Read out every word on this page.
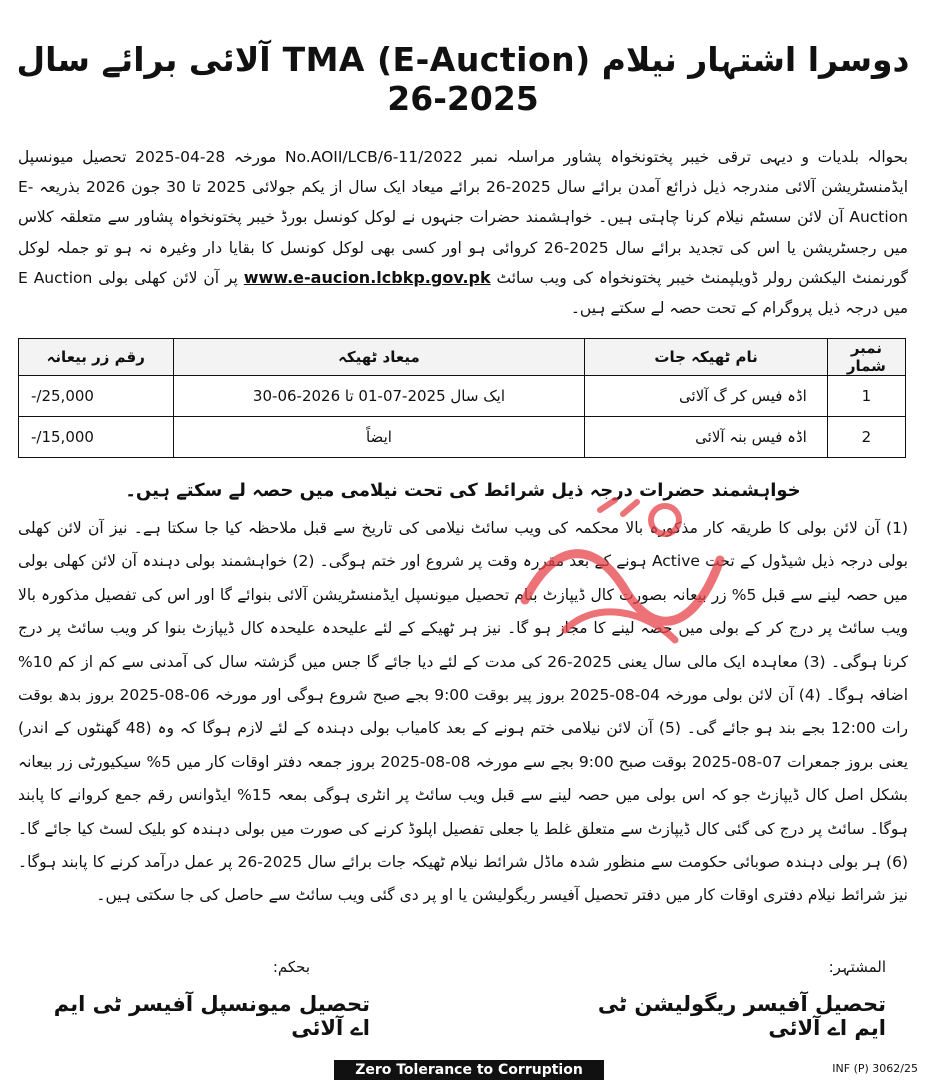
دوسرا اشتہار نیلام (TMA (E-Auction آلائی برائے سال 2025-26
بحوالہ بلدیات و دیہی ترقی خیبر پختونخواہ پشاور مراسلہ نمبر No.AOII/LCB/6-11/2022 مورخہ 28-04-2025 تحصیل میونسپل ایڈمنسٹریشن آلائی مندرجہ ذیل ذرائع آمدن برائے سال 2025-26 برائے میعاد ایک سال از یکم جولائی 2025 تا 30 جون 2026 بذریعہ E-Auction آن لائن سسٹم نیلام کرنا چاہتی ہیں۔ خواہشمند حضرات جنہوں نے لوکل کونسل بورڈ خیبر پختونخواہ پشاور سے متعلقہ کلاس میں رجسٹریشن یا اس کی تجدید برائے سال 2025-26 کروائی ہو اور کسی بھی لوکل کونسل کا بقایا دار وغیرہ نہ ہو تو جملہ لوکل گورنمنٹ الیکشن رولر ڈویلپمنٹ خیبر پختونخواہ کی ویب سائٹ www.e-aucion.lcbkp.gov.pk پر آن لائن کھلی بولی E Auction میں درجہ ذیل پروگرام کے تحت حصہ لے سکتے ہیں۔
نمبر شمار	نام ٹھیکہ جات	میعاد ٹھیکہ	رقم زر بیعانہ
1	اڈہ فیس کر گ آلائی	ایک سال 2025-07-01 تا 2026-06-30	25,000/-
2	اڈہ فیس بنہ آلائی	ایضاً	15,000/-
خواہشمند حضرات درجہ ذیل شرائط کی تحت نیلامی میں حصہ لے سکتے ہیں۔
(1) آن لائن بولی کا طریقہ کار مذکورہ بالا محکمہ کی ویب سائٹ نیلامی کی تاریخ سے قبل ملاحظہ کیا جا سکتا ہے۔ نیز آن لائن کھلی بولی درجہ ذیل شیڈول کے تحت Active ہونے کے بعد مقررہ وقت پر شروع اور ختم ہوگی۔ (2) خواہشمند بولی دہندہ آن لائن کھلی بولی میں حصہ لینے سے قبل 5% زر بیعانہ بصورت کال ڈیپازٹ بنام تحصیل میونسپل ایڈمنسٹریشن آلائی بنوائے گا اور اس کی تفصیل مذکورہ بالا ویب سائٹ پر درج کر کے بولی میں حصہ لینے کا مجاز ہو گا۔ نیز ہر ٹھیکے کے لئے علیحدہ علیحدہ کال ڈیپازٹ بنوا کر ویب سائٹ پر درج کرنا ہوگی۔ (3) معاہدہ ایک مالی سال یعنی 2025-26 کی مدت کے لئے دیا جائے گا جس میں گزشتہ سال کی آمدنی سے کم از کم 10% اضافہ ہوگا۔ (4) آن لائن بولی مورخہ 04-08-2025 بروز پیر بوقت 9:00 بجے صبح شروع ہوگی اور مورخہ 06-08-2025 بروز بدھ بوقت رات 12:00 بجے بند ہو جائے گی۔ (5) آن لائن نیلامی ختم ہونے کے بعد کامیاب بولی دہندہ کے لئے لازم ہوگا کہ وہ (48 گھنٹوں کے اندر) یعنی بروز جمعرات 07-08-2025 بوقت صبح 9:00 بجے سے مورخہ 08-08-2025 بروز جمعہ دفتر اوقات کار میں 5% سیکیورٹی زر بیعانہ بشکل اصل کال ڈیپازٹ جو کہ اس بولی میں حصہ لینے سے قبل ویب سائٹ پر انٹری ہوگی بمعہ 15% ایڈوانس رقم جمع کروانے کا پابند ہوگا۔ سائٹ پر درج کی گئی کال ڈیپازٹ سے متعلق غلط یا جعلی تفصیل اپلوڈ کرنے کی صورت میں بولی دہندہ کو بلیک لسٹ کیا جائے گا۔ (6) ہر بولی دہندہ صوبائی حکومت سے منظور شدہ ماڈل شرائط نیلام ٹھیکہ جات برائے سال 2025-26 پر عمل درآمد کرنے کا پابند ہوگا۔ نیز شرائط نیلام دفتری اوقات کار میں دفتر تحصیل آفیسر ریگولیشن یا او پر دی گئی ویب سائٹ سے حاصل کی جا سکتی ہیں۔
المشتہر:
تحصیل آفیسر ریگولیشن ٹی ایم اے آلائی
بحکم:
تحصیل میونسپل آفیسر ٹی ایم اے آلائی
Zero Tolerance to Corruption	INF (P) 3062/25
